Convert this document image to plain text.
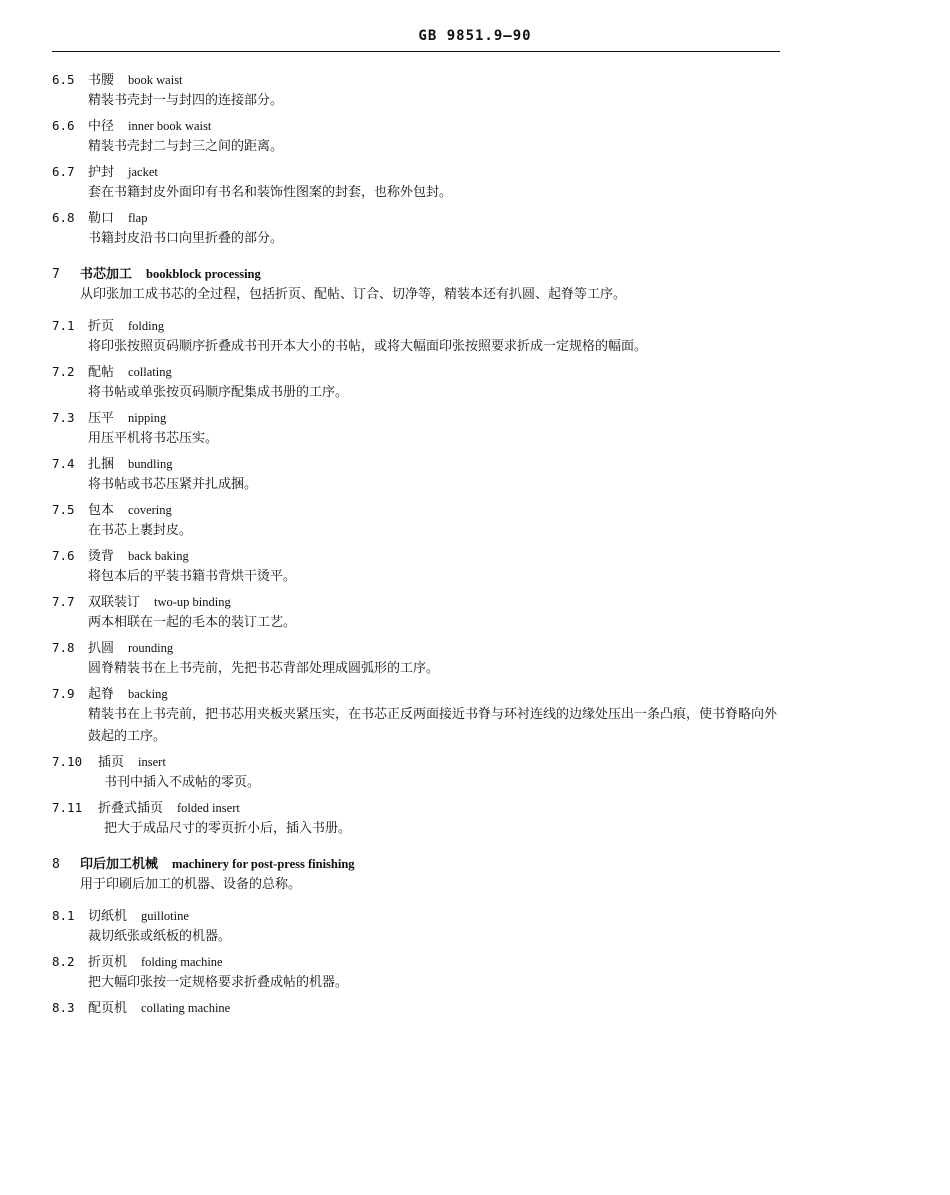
GB 9851.9—90
6.5 书腰 book waist
精装书壳封一与封四的连接部分。
6.6 中径 inner book waist
精装书壳封二与封三之间的距离。
6.7 护封 jacket
套在书籍封皮外面印有书名和装饰性图案的封套，也称外包封。
6.8 勒口 flap
书籍封皮沿书口向里折叠的部分。
7 书芯加工 bookblock processing
从印张加工成书芯的全过程，包括折页、配帖、订合、切净等，精装本还有扒圆、起脊等工序。
7.1 折页 folding
将印张按照页码顺序折叠成书刊开本大小的书帖，或将大幅面印张按照要求折成一定规格的幅面。
7.2 配帖 collating
将书帖或单张按页码顺序配集成书册的工序。
7.3 压平 nipping
用压平机将书芯压实。
7.4 扎捆 bundling
将书帖或书芯压紧并扎成捆。
7.5 包本 covering
在书芯上裹封皮。
7.6 烫背 back baking
将包本后的平装书籍书背烘干烫平。
7.7 双联装订 two-up binding
两本相联在一起的毛本的装订工艺。
7.8 扒圆 rounding
圆脊精装书在上书壳前，先把书芯背部处理成圆弧形的工序。
7.9 起脊 backing
精装书在上书壳前，把书芯用夹板夹紧压实，在书芯正反两面接近书脊与环衬连线的边缘处压出一条凸痕，使书脊略向外鼓起的工序。
7.10 插页 insert
书刊中插入不成帖的零页。
7.11 折叠式插页 folded insert
把大于成品尺寸的零页折小后，插入书册。
8 印后加工机械 machinery for post-press finishing
用于印刷后加工的机器、设备的总称。
8.1 切纸机 guillotine
裁切纸张或纸板的机器。
8.2 折页机 folding machine
把大幅印张按一定规格要求折叠成帖的机器。
8.3 配页机 collating machine
